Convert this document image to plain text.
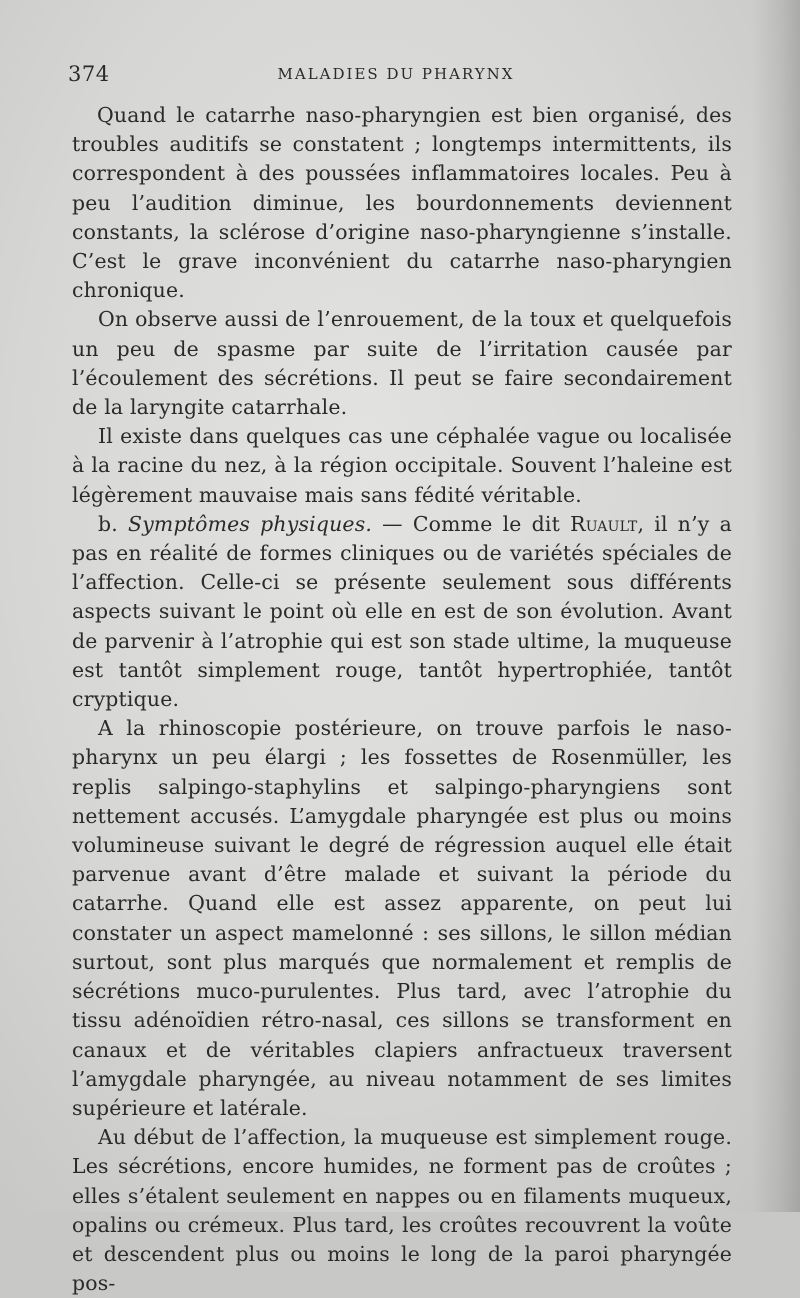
374	MALADIES DU PHARYNX

Quand le catarrhe naso-pharyngien est bien organisé, des troubles auditifs se constatent ; longtemps intermittents, ils correspondent à des poussées inflammatoires locales. Peu à peu l’audition diminue, les bourdonnements deviennent constants, la sclérose d’origine naso-pharyngienne s’installe. C’est le grave inconvénient du catarrhe naso-pharyngien chronique.

On observe aussi de l’enrouement, de la toux et quelquefois un peu de spasme par suite de l’irritation causée par l’écoulement des sécrétions. Il peut se faire secondairement de la laryngite catarrhale.

Il existe dans quelques cas une céphalée vague ou localisée à la racine du nez, à la région occipitale. Souvent l’haleine est légèrement mauvaise mais sans fédité véritable.

b. Symptômes physiques. — Comme le dit Ruault, il n’y a pas en réalité de formes cliniques ou de variétés spéciales de l’affection. Celle-ci se présente seulement sous différents aspects suivant le point où elle en est de son évolution. Avant de parvenir à l’atrophie qui est son stade ultime, la muqueuse est tantôt simplement rouge, tantôt hypertrophiée, tantôt cryptique.

A la rhinoscopie postérieure, on trouve parfois le naso-pharynx un peu élargi ; les fossettes de Rosenmüller, les replis salpingo-staphylins et salpingo-pharyngiens sont nettement accusés. L’amygdale pharyngée est plus ou moins volumineuse suivant le degré de régression auquel elle était parvenue avant d’être malade et suivant la période du catarrhe. Quand elle est assez apparente, on peut lui constater un aspect mamelonné : ses sillons, le sillon médian surtout, sont plus marqués que normalement et remplis de sécrétions muco-purulentes. Plus tard, avec l’atrophie du tissu adénoïdien rétro-nasal, ces sillons se transforment en canaux et de véritables clapiers anfractueux traversent l’amygdale pharyngée, au niveau notamment de ses limites supérieure et latérale.

Au début de l’affection, la muqueuse est simplement rouge. Les sécrétions, encore humides, ne forment pas de croûtes ; elles s’étalent seulement en nappes ou en filaments muqueux, opalins ou crémeux. Plus tard, les croûtes recouvrent la voûte et descendent plus ou moins le long de la paroi pharyngée pos-
